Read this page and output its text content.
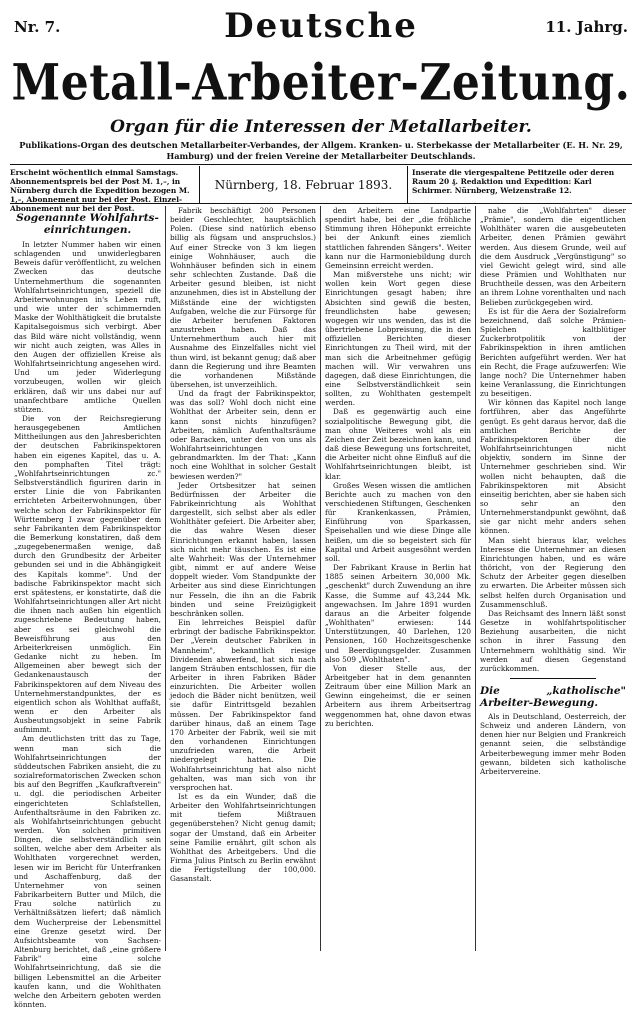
Nr. 7.	Deutsche	11. Jahrg.
Metall-Arbeiter-Zeitung.
Organ für die Interessen der Metallarbeiter.
Publikations-Organ des deutschen Metallarbeiter-Verbandes, der Allgem. Kranken- u. Sterbekasse der Metallarbeiter (E. H. Nr. 29, Hamburg) und der freien Vereine der Metallarbeiter Deutschlands.
Erscheint wöchentlich einmal Samstags. Abonnementspreis bei der Post M. 1,–, in Nürnberg durch die Expedition bezogen M. 1,–, Abonnement nur bei der Post. Einzel-Abonnement nur bei der Post.
Nürnberg, 18. Februar 1893.
Inserate die viergespaltene Petitzeile oder deren Raum 20 ₰. Redaktion und Expedition: Karl Schirmer. Nürnberg, Weizenstraße 12.
Sogenannte Wohlfahrts-einrichtungen.

In letzter Nummer haben wir einen schlagenden und unwiderlegbaren Beweis dafür veröffentlicht, zu welchen Zwecken das deutsche Unternehmerthum die sogenannten Wohlfahrtseinrichtungen, speziell die Arbeiterwohnungen in's Leben ruft, und wie unter der schimmernden Maske der Wohlthätigkeit die brutalste Kapitalsegoismus sich verbirgt. Aber das Bild wäre nicht vollständig, wenn wir nicht auch zeigten, was Alles in den Augen der offiziellen Kreise als Wohlfahrtseinrichtung angesehen wird. Und um jeder Widerlegung vorzubeugen, wollen wir gleich erklären, daß wir uns dabei nur auf unanfechtbare amtliche Quellen stützen.

Die von der Reichsregierung herausgegebenen Amtlichen Mittheilungen aus den Jahresberichten der deutschen Fabrikinspektoren haben ein eigenes Kapitel, das u. A. den pomphaften Titel trägt: „Wohlfahrtseinrichtungen zc." Selbstverständlich figuriren darin in erster Linie die von Fabrikanten errichteten Arbeiterwohnungen, über welche schon der Fabrikinspektor für Württemberg I zwar gegenüber dem sehr Fabrikanten dem Fabrikinspektor die Bemerkung konstatiren, daß dem „zugegebenermaßen wenige, daß durch den Grundbesitz der Arbeiter gebunden sei und in die Abhängigkeit des Kapitals komme". Und der badische Fabrikinspektor macht sich erst spätestens, er konstatirte, daß die Wohlfahrtseinrichtungen aller Art nicht die ihnen nach außen hin eigentlich zugeschriebene Bedeutung haben, aber es sei gleichwohl die Beweisführung aus den Arbeiterkreisen unmöglich. Ein Gedanke nicht zu heben. Im Allgemeinen aber bewegt sich der Gedankenaustausch der Fabrikinspektoren auf dem Niveau des Unternehmerstandpunktes, der es eigentlich schon als Wohlthat auffaßt, wenn er den Arbeiter als Ausbeutungsobjekt in seine Fabrik aufnimmt.

Am deutlichsten tritt das zu Tage, wenn man sich die Wohlfahrtseinrichtungen der süddeutschen Fabriken ansieht, die zu sozialreformatorischen Zwecken schon bis auf den Begriffen „Kaufkraftverein" u. dgl. die periodischen Arbeiter eingerichteten Schlafstellen, Aufenthaltsräume in den Fabriken zc. als Wohlfahrtseinrichtungen gebucht werden. Von solchen primitiven Dingen, die selbstverständlich sein sollten, welche aber dem Arbeiter als Wohlthaten vorgerechnet werden, lesen wir im Bericht für Unterfranken und Aschaffenburg, daß der Unternehmer von seinen Fabrikarbeitern Butter und Milch, die Frau solche natürlich zu Verhältnißsätzen liefert; daß nämlich dem Wucherpreise der Lebensmittel eine Grenze gesetzt wird. Der Aufsichtsbeamte von Sachsen-Altenburg berichtet, daß „eine größere Fabrik" eine solche Wohlfahrtseinrichtung, daß sie die billigen Lebensmittel an die Arbeiter kaufen kann, und die Wohlthaten welche den Arbeitern geboten werden könnten.

Fabrik beschäftigt 200 Personen beider Geschlechter, hauptsächlich Polen. (Diese sind natürlich ebenso billig als fügsam und anspruchslos.) Auf einer Strecke von 3 km liegen einige Wohnhäuser, auch die Wohnhäuser befinden sich in einem sehr schlechten Zustande. Daß die Arbeiter gesund bleiben, ist nicht anzunehmen, dies ist in Abstellung der Mißstände eine der wichtigsten Aufgaben, welche die zur Fürsorge für die Arbeiter berufenen Faktoren anzustreben haben. Daß das Unternehmerthum auch hier mit Ausnahme des Einzelfalles nicht viel thun wird, ist bekannt genug; daß aber dann die Regierung und ihre Beamten die vorhandenen Mißstände übersehen, ist unverzeihlich.

Und da fragt der Fabrikinspektor, was das soll? Wohl doch nicht eine Wohlthat der Arbeiter sein, denn er kann sonst nichts hinzufügen? Arbeiten, nämlich Aufenthaltsräume oder Baracken, unter den von uns als Wohlfahrtseinrichtungen gebrandmarkten. Im der That: „Kann noch eine Wohlthat in solcher Gestalt bewiesen werden?"

Jeder Ortsbesitzer hat seinen Bedürfnissen der Arbeiter die Fabrikeinrichtung als Wohlthat dargestellt, sich selbst aber als edler Wohlthäter gefeiert. Die Arbeiter aber, die das wahre Wesen dieser Einrichtungen erkannt haben, lassen sich nicht mehr täuschen. Es ist eine alte Wahrheit: Was der Unternehmer gibt, nimmt er auf andere Weise doppelt wieder. Vom Standpunkte der Arbeiter aus sind diese Einrichtungen nur Fesseln, die ihn an die Fabrik binden und seine Freizügigkeit beschränken sollen.

Ein lehrreiches Beispiel dafür erbringt der badische Fabrikinspektor. Der „Verein deutscher Fabriken in Mannheim", bekanntlich riesige Dividenden abwerfend, hat sich nach langem Sträuben entschlossen, für die Arbeiter in ihren Fabriken Bäder einzurichten. Die Arbeiter wollen jedoch die Bäder nicht benützen, weil sie dafür Eintrittsgeld bezahlen müssen. Der Fabrikinspektor fand darüber hinaus, daß an einem Tage 170 Arbeiter der Fabrik, weil sie mit den vorhandenen Einrichtungen unzufrieden waren, die Arbeit niedergelegt hatten. Die Wohlfahrtseinrichtung hat also nicht gehalten, was man sich von ihr versprochen hat.

Ist es da ein Wunder, daß die Arbeiter den Wohlfahrtseinrichtungen mit tiefem Mißtrauen gegenüberstehen? Nicht genug damit; sogar der Umstand, daß ein Arbeiter seine Familie ernährt, gilt schon als Wohlthat des Arbeitgebers. Und die Firma Julius Pintsch zu Berlin erwähnt die Fertigstellung der 100,000. Gasanstalt.

den Arbeitern eine Landpartie spendirt habe, bei der „die fröhliche Stimmung ihren Höhepunkt erreichte bei der Ankunft eines ziemlich stattlichen fahrenden Sängers". Weiter kann nur die Harmoniebildung durch Gemeinsinn erreicht werden.

Man mißverstehe uns nicht; wir wollen kein Wort gegen diese Einrichtungen gesagt haben; ihre Absichten sind gewiß die besten, freundlichsten habe gewesen; wogegen wir uns wenden, das ist die übertriebene Lobpreisung, die in den offiziellen Berichten dieser Einrichtungen zu Theil wird, mit der man sich die Arbeitnehmer gefügig machen will. Wir verwahren uns dagegen, daß diese Einrichtungen, die eine Selbstverständlichkeit sein sollten, zu Wohlthaten gestempelt werden.

Daß es gegenwärtig auch eine sozialpolitische Bewegung gibt, die man ohne Weiteres wohl als ein Zeichen der Zeit bezeichnen kann, und daß diese Bewegung uns fortschreitet, die Arbeiter nicht ohne Einfluß auf die Wohlfahrtseinrichtungen bleibt, ist klar.

Großes Wesen wissen die amtlichen Berichte auch zu machen von den verschiedenen Stiftungen, Geschenken für Krankenkassen, Prämien, Einführung von Sparkassen, Speisehallen und wie diese Dinge alle heißen, um die so begeistert sich für Kapital und Arbeit ausgesöhnt werden soll.

Der Fabrikant Krause in Berlin hat 1885 seinen Arbeitern 30,000 Mk. „geschenkt" durch Zuwendung an ihre Kasse, die Summe auf 43,244 Mk. angewachsen. Im Jahre 1891 wurden daraus an die Arbeiter folgende „Wohlthaten" erwiesen: 144 Unterstützungen, 40 Darlehen, 120 Pensionen, 160 Hochzeitsgeschenke und Beerdigungsgelder. Zusammen also 509 „Wohlthaten".

Von dieser Stelle aus, der Arbeitgeber hat in dem genannten Zeitraum über eine Million Mark an Gewinn eingeheimst, die er seinen Arbeitern aus ihrem Arbeitsertrag weggenommen hat, ohne davon etwas zu berichten.

nahe die „Wohlfahrten" dieser „Prämie", sondern die eigentlichen Wohlthäter waren die ausgebeuteten Arbeiter, denen Prämien gewährt werden. Aus diesem Grunde, weil auf die dem Ausdruck „Vergünstigung" so viel Gewicht gelegt wird, sind alle diese Prämien und Wohlthaten nur Bruchtheile dessen, was den Arbeitern an ihrem Lohne vorenthalten und nach Belieben zurückgegeben wird.

Es ist für die Aera der Sozialreform bezeichnend, daß solche Prämien-Spielchen kaltblütiger Zuckerbrotpolitik von der Fabrikinspektion in ihren amtlichen Berichten aufgeführt werden. Wer hat ein Recht, die Frage aufzuwerfen: Wie lange noch? Die Unternehmer haben keine Veranlassung, die Einrichtungen zu beseitigen.

Wir können das Kapitel noch lange fortführen, aber das Angeführte genügt. Es geht daraus hervor, daß die amtlichen Berichte der Fabrikinspektoren über die Wohlfahrtseinrichtungen nicht objektiv, sondern im Sinne der Unternehmer geschrieben sind. Wir wollen nicht behaupten, daß die Fabrikinspektoren mit Absicht einseitig berichten, aber sie haben sich so sehr an den Unternehmerstandpunkt gewöhnt, daß sie gar nicht mehr anders sehen können.

Man sieht hieraus klar, welches Interesse die Unternehmer an diesen Einrichtungen haben, und es wäre thöricht, von der Regierung den Schutz der Arbeiter gegen dieselben zu erwarten. Die Arbeiter müssen sich selbst helfen durch Organisation und Zusammenschluß.

Das Reichsamt des Innern läßt sonst Gesetze in wohlfahrtspolitischer Beziehung ausarbeiten, die nicht schon in ihrer Fassung den Unternehmern wohlthätig sind. Wir werden auf diesen Gegenstand zurückkommen.

Die „katholische" Arbeiter-Bewegung.

Als in Deutschland, Oesterreich, der Schweiz und anderen Ländern, von denen hier nur Belgien und Frankreich genannt seien, die selbständige Arbeiterbewegung immer mehr Boden gewann, bildeten sich katholische Arbeitervereine.
